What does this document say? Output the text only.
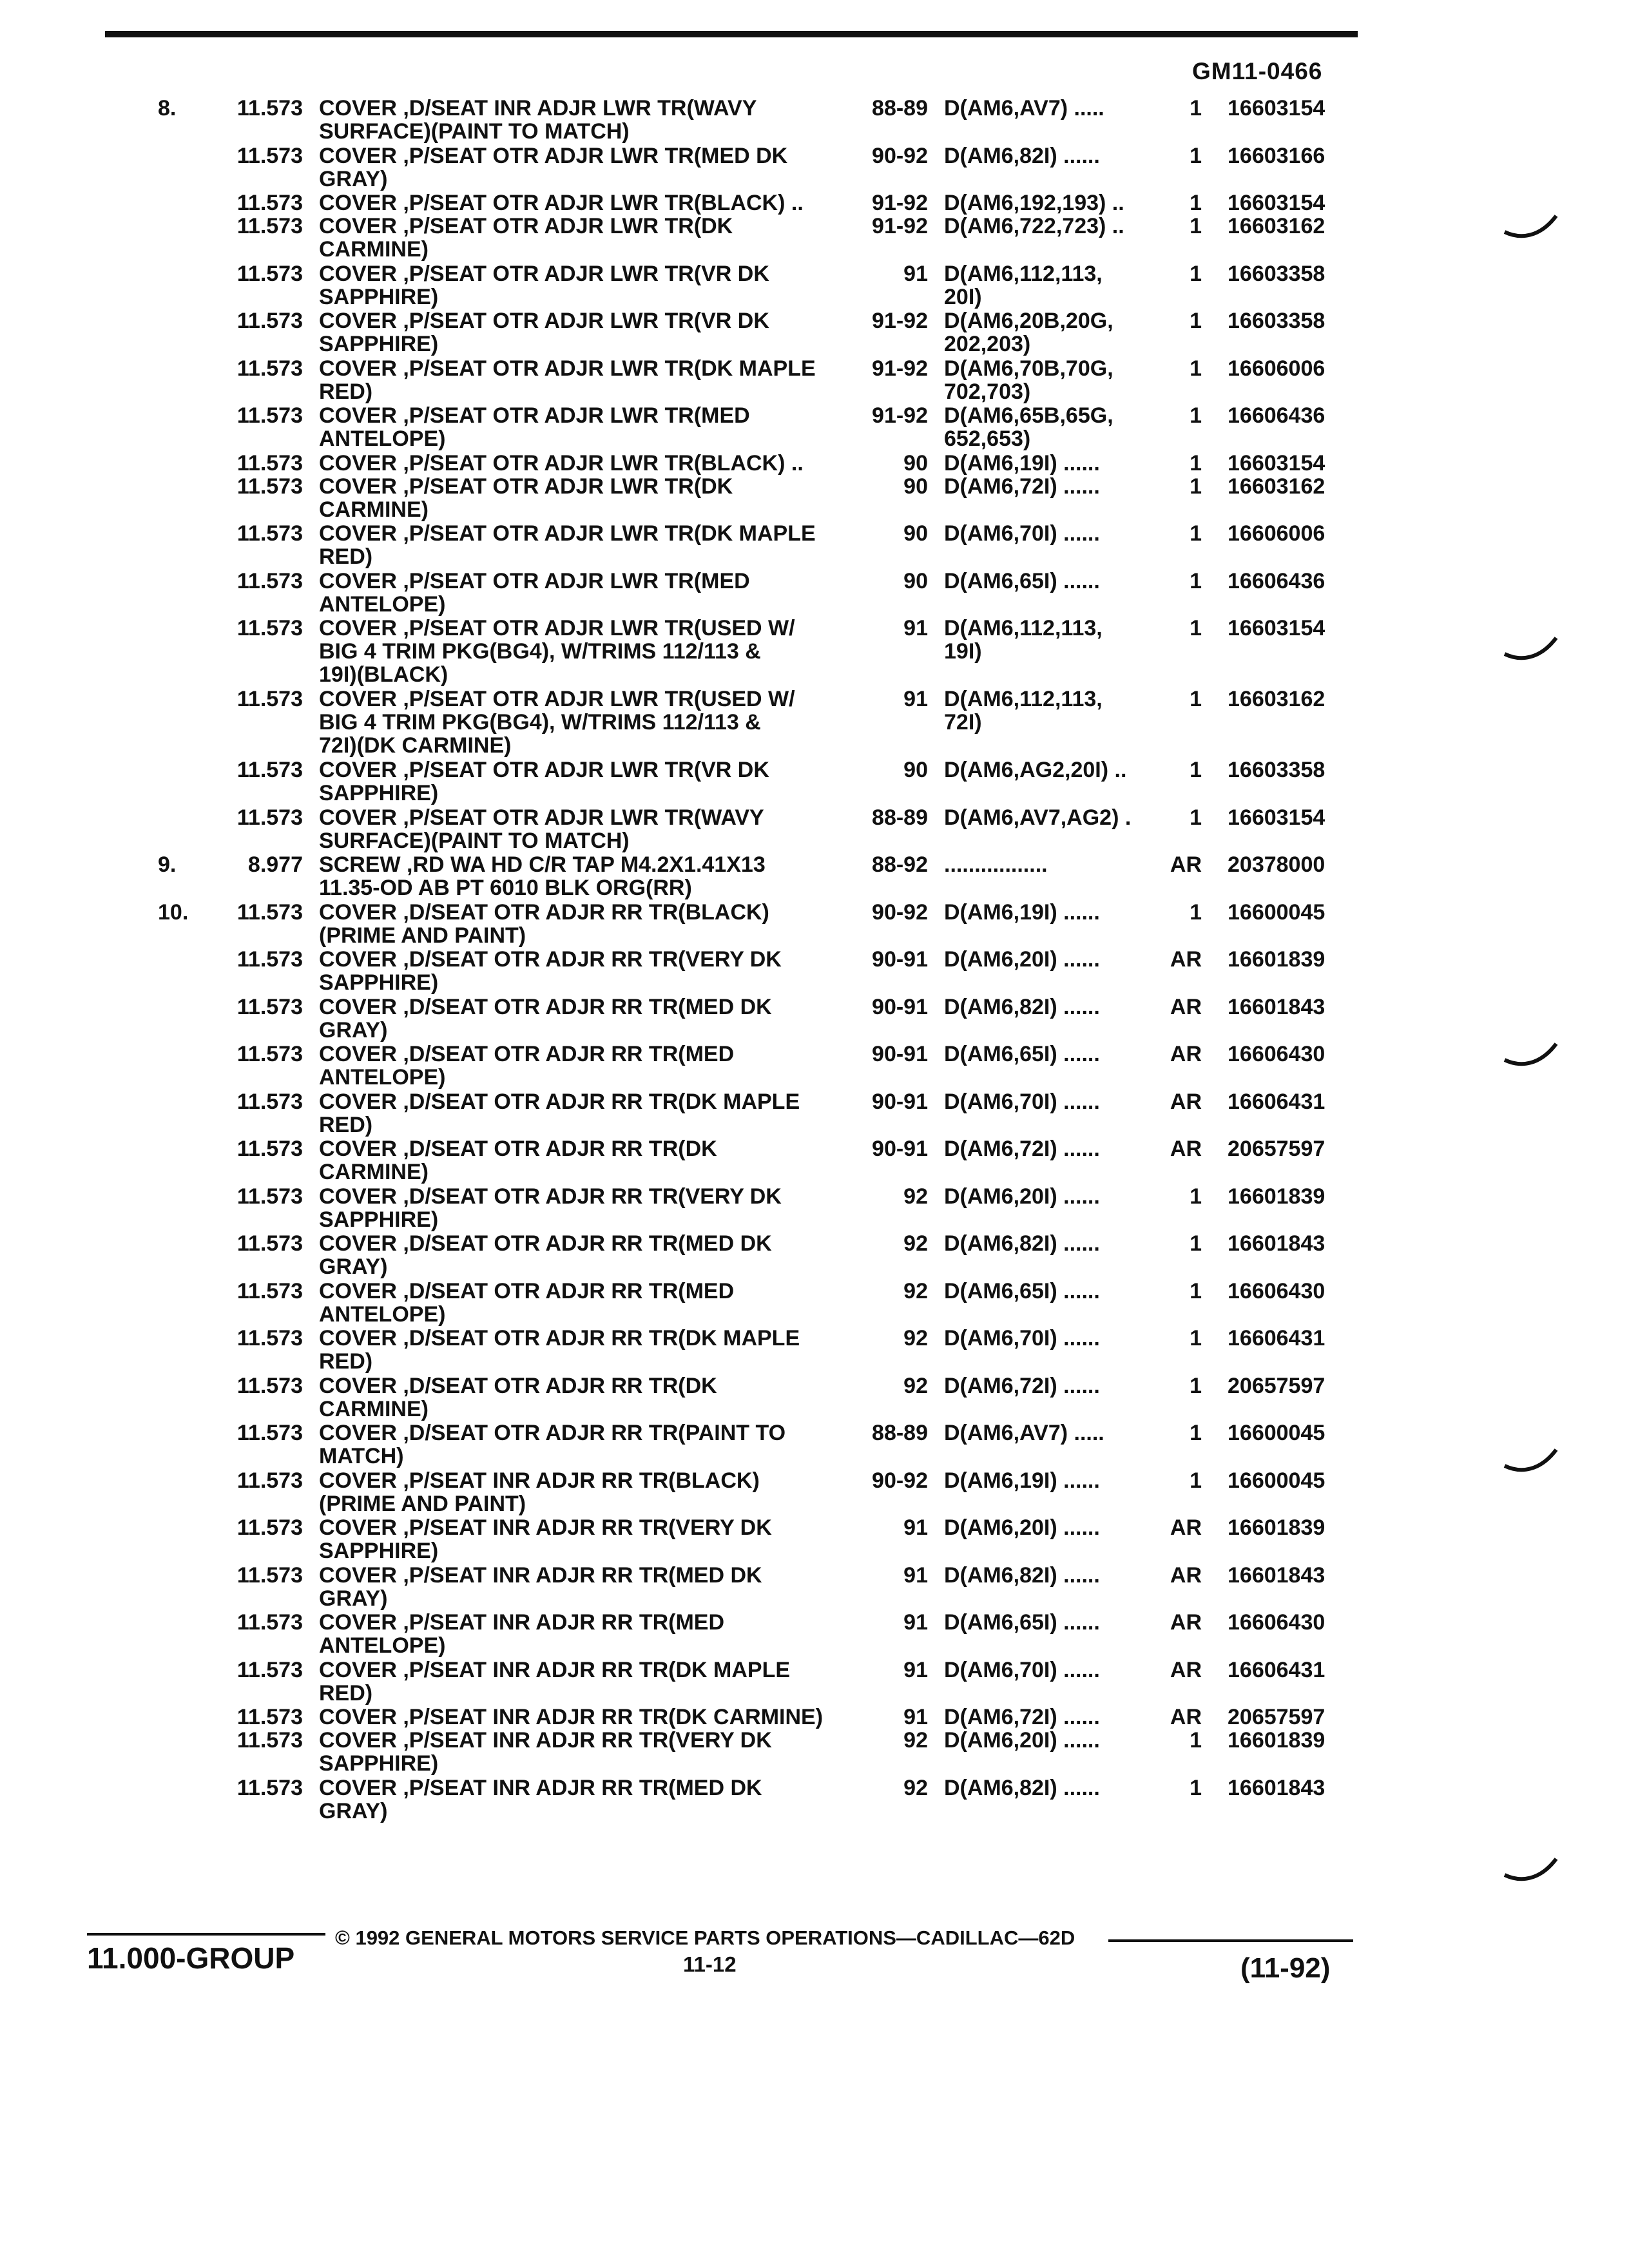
GM11-0466
8.	11.573 COVER ,D/SEAT INR ADJR LWR TR(WAVY
SURFACE)(PAINT TO MATCH)
88-89 D(AM6,AV7) .....	1 16603154
11.573 COVER ,P/SEAT OTR ADJR LWR TR(MED DK
GRAY)
90-92 D(AM6,82I) ......	1 16603166
11.573 COVER ,P/SEAT OTR ADJR LWR TR(BLACK) ..	91-92 D(AM6,192,193) ..	1 16603154
11.573 COVER ,P/SEAT OTR ADJR LWR TR(DK
CARMINE)
91-92 D(AM6,722,723) ..	1 16603162
11.573 COVER ,P/SEAT OTR ADJR LWR TR(VR DK
SAPPHIRE)
91 D(AM6,112,113,
20I)
1 16603358
11.573 COVER ,P/SEAT OTR ADJR LWR TR(VR DK
SAPPHIRE)
91-92 D(AM6,20B,20G,
202,203)
1 16603358
11.573 COVER ,P/SEAT OTR ADJR LWR TR(DK MAPLE
RED)
91-92 D(AM6,70B,70G,
702,703)
1 16606006
11.573 COVER ,P/SEAT OTR ADJR LWR TR(MED
ANTELOPE)
91-92 D(AM6,65B,65G,
652,653)
1 16606436
11.573 COVER ,P/SEAT OTR ADJR LWR TR(BLACK) ..	90 D(AM6,19I) ......	1 16603154
11.573 COVER ,P/SEAT OTR ADJR LWR TR(DK
CARMINE)
90 D(AM6,72I) ......	1 16603162
11.573 COVER ,P/SEAT OTR ADJR LWR TR(DK MAPLE
RED)
90 D(AM6,70I) ......	1 16606006
11.573 COVER ,P/SEAT OTR ADJR LWR TR(MED
ANTELOPE)
90 D(AM6,65I) ......	1 16606436
11.573 COVER ,P/SEAT OTR ADJR LWR TR(USED W/
BIG 4 TRIM PKG(BG4), W/TRIMS 112/113 &
19I)(BLACK)
91 D(AM6,112,113,
19I)
1 16603154
11.573 COVER ,P/SEAT OTR ADJR LWR TR(USED W/
BIG 4 TRIM PKG(BG4), W/TRIMS 112/113 &
72I)(DK CARMINE)
91 D(AM6,112,113,
72I)
1 16603162
11.573 COVER ,P/SEAT OTR ADJR LWR TR(VR DK
SAPPHIRE)
90 D(AM6,AG2,20I) ..	1 16603358
11.573 COVER ,P/SEAT OTR ADJR LWR TR(WAVY
SURFACE)(PAINT TO MATCH)
88-89 D(AM6,AV7,AG2) .	1 16603154
9.	8.977 SCREW ,RD WA HD C/R TAP M4.2X1.41X13
11.35-OD AB PT 6010 BLK ORG(RR)
88-92 .................	AR 20378000
10.	11.573 COVER ,D/SEAT OTR ADJR RR TR(BLACK)
(PRIME AND PAINT)
90-92 D(AM6,19I) ......	1 16600045
11.573 COVER ,D/SEAT OTR ADJR RR TR(VERY DK
SAPPHIRE)
90-91 D(AM6,20I) ......	AR 16601839
11.573 COVER ,D/SEAT OTR ADJR RR TR(MED DK
GRAY)
90-91 D(AM6,82I) ......	AR 16601843
11.573 COVER ,D/SEAT OTR ADJR RR TR(MED
ANTELOPE)
90-91 D(AM6,65I) ......	AR 16606430
11.573 COVER ,D/SEAT OTR ADJR RR TR(DK MAPLE
RED)
90-91 D(AM6,70I) ......	AR 16606431
11.573 COVER ,D/SEAT OTR ADJR RR TR(DK
CARMINE)
90-91 D(AM6,72I) ......	AR 20657597
11.573 COVER ,D/SEAT OTR ADJR RR TR(VERY DK
SAPPHIRE)
92 D(AM6,20I) ......	1 16601839
11.573 COVER ,D/SEAT OTR ADJR RR TR(MED DK
GRAY)
92 D(AM6,82I) ......	1 16601843
11.573 COVER ,D/SEAT OTR ADJR RR TR(MED
ANTELOPE)
92 D(AM6,65I) ......	1 16606430
11.573 COVER ,D/SEAT OTR ADJR RR TR(DK MAPLE
RED)
92 D(AM6,70I) ......	1 16606431
11.573 COVER ,D/SEAT OTR ADJR RR TR(DK
CARMINE)
92 D(AM6,72I) ......	1 20657597
11.573 COVER ,D/SEAT OTR ADJR RR TR(PAINT TO
MATCH)
88-89 D(AM6,AV7) .....	1 16600045
11.573 COVER ,P/SEAT INR ADJR RR TR(BLACK)
(PRIME AND PAINT)
90-92 D(AM6,19I) ......	1 16600045
11.573 COVER ,P/SEAT INR ADJR RR TR(VERY DK
SAPPHIRE)
91 D(AM6,20I) ......	AR 16601839
11.573 COVER ,P/SEAT INR ADJR RR TR(MED DK
GRAY)
91 D(AM6,82I) ......	AR 16601843
11.573 COVER ,P/SEAT INR ADJR RR TR(MED
ANTELOPE)
91 D(AM6,65I) ......	AR 16606430
11.573 COVER ,P/SEAT INR ADJR RR TR(DK MAPLE
RED)
91 D(AM6,70I) ......	AR 16606431
11.573 COVER ,P/SEAT INR ADJR RR TR(DK CARMINE)	91 D(AM6,72I) ......	AR 20657597
11.573 COVER ,P/SEAT INR ADJR RR TR(VERY DK
SAPPHIRE)
92 D(AM6,20I) ......	1 16601839
11.573 COVER ,P/SEAT INR ADJR RR TR(MED DK
GRAY)
92 D(AM6,82I) ......	1 16601843
© 1992 GENERAL MOTORS SERVICE PARTS OPERATIONS—CADILLAC—62D
11.000-GROUP	11-12	(11-92)
